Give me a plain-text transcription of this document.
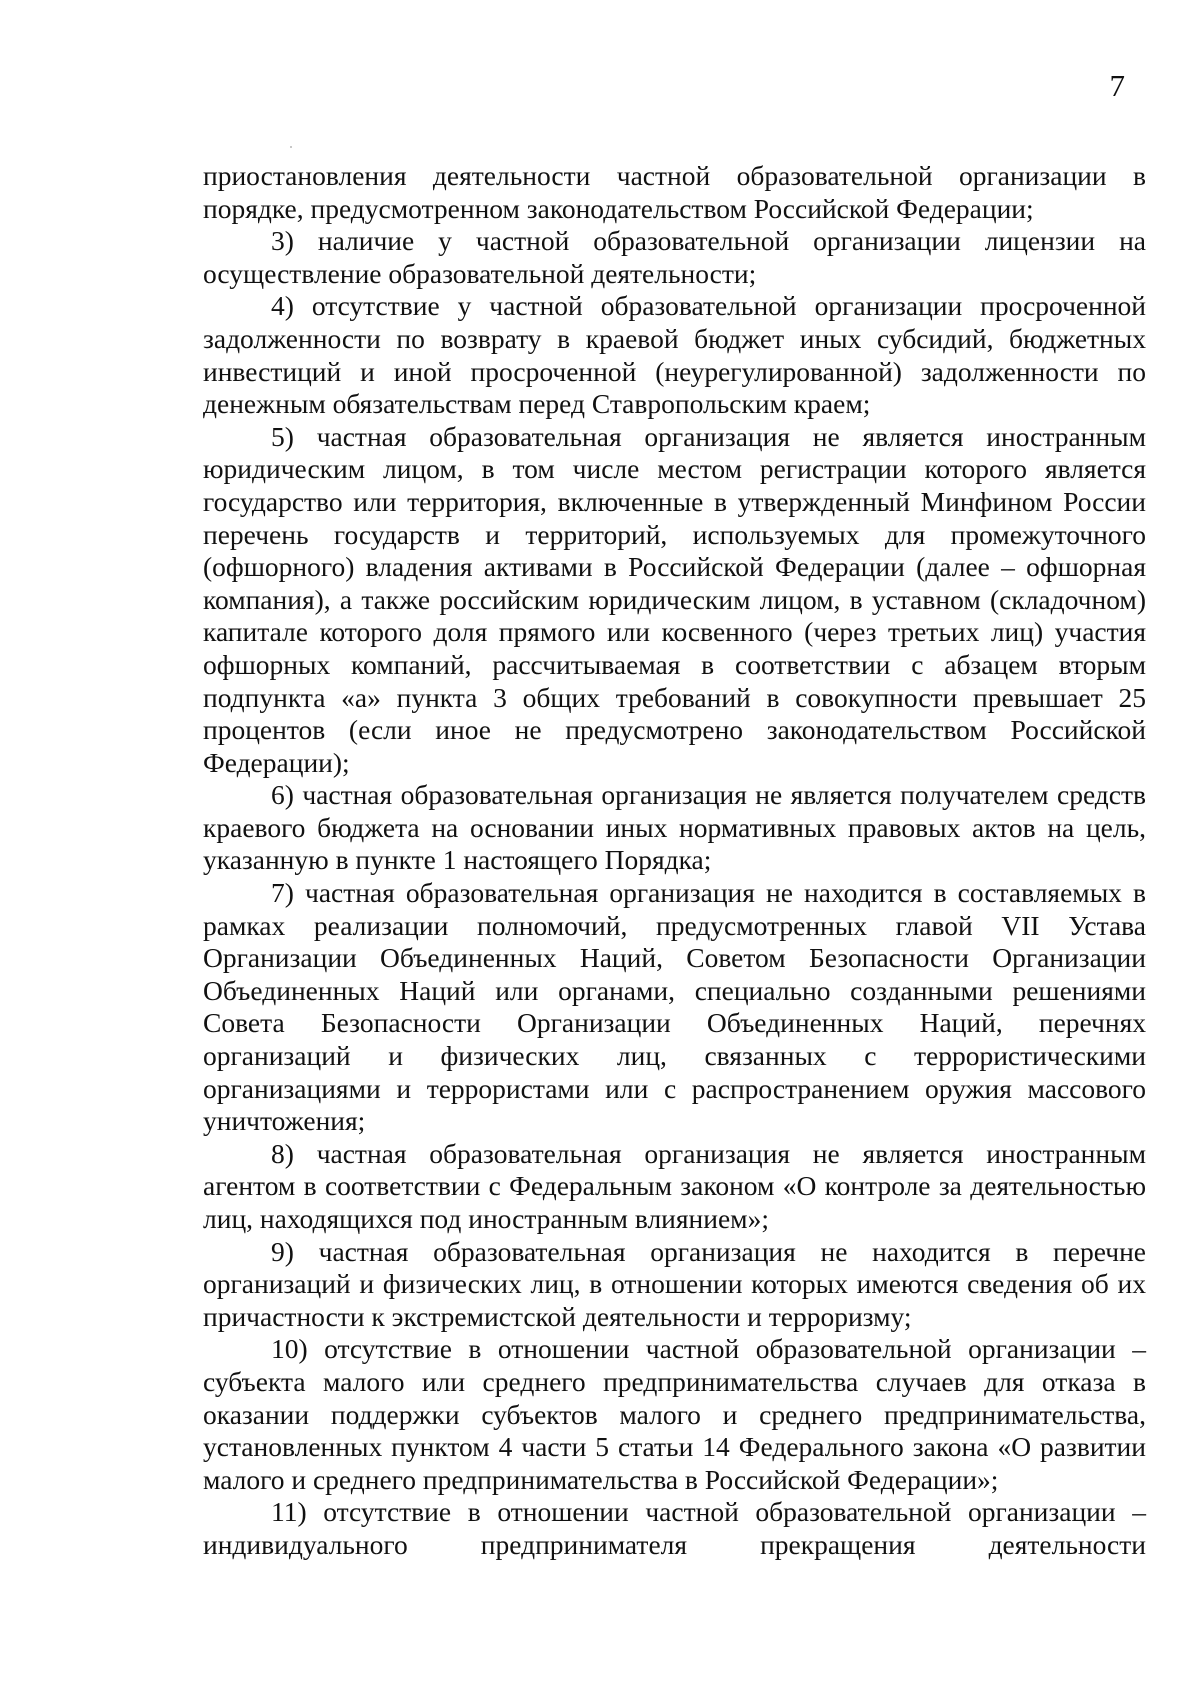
7

приостановления деятельности частной образовательной организации в порядке, предусмотренном законодательством Российской Федерации;

3) наличие у частной образовательной организации лицензии на осуществление образовательной деятельности;

4) отсутствие у частной образовательной организации просроченной задолженности по возврату в краевой бюджет иных субсидий, бюджетных инвестиций и иной просроченной (неурегулированной) задолженности по денежным обязательствам перед Ставропольским краем;

5) частная образовательная организация не является иностранным юридическим лицом, в том числе местом регистрации которого является государство или территория, включенные в утвержденный Минфином России перечень государств и территорий, используемых для промежуточного (офшорного) владения активами в Российской Федерации (далее – офшорная компания), а также российским юридическим лицом, в уставном (складочном) капитале которого доля прямого или косвенного (через третьих лиц) участия офшорных компаний, рассчитываемая в соответствии с абзацем вторым подпункта «а» пункта 3 общих требований в совокупности превышает 25 процентов (если иное не предусмотрено законодательством Российской Федерации);

6) частная образовательная организация не является получателем средств краевого бюджета на основании иных нормативных правовых актов на цель, указанную в пункте 1 настоящего Порядка;

7) частная образовательная организация не находится в составляемых в рамках реализации полномочий, предусмотренных главой VII Устава Организации Объединенных Наций, Советом Безопасности Организации Объединенных Наций или органами, специально созданными решениями Совета Безопасности Организации Объединенных Наций, перечнях организаций и физических лиц, связанных с террористическими организациями и террористами или с распространением оружия массового уничтожения;

8) частная образовательная организация не является иностранным агентом в соответствии с Федеральным законом «О контроле за деятельностью лиц, находящихся под иностранным влиянием»;

9) частная образовательная организация не находится в перечне организаций и физических лиц, в отношении которых имеются сведения об их причастности к экстремистской деятельности и терроризму;

10) отсутствие в отношении частной образовательной организации – субъекта малого или среднего предпринимательства случаев для отказа в оказании поддержки субъектов малого и среднего предпринимательства, установленных пунктом 4 части 5 статьи 14 Федерального закона «О развитии малого и среднего предпринимательства в Российской Федерации»;

11) отсутствие в отношении частной образовательной организации – индивидуального предпринимателя прекращения деятельности
